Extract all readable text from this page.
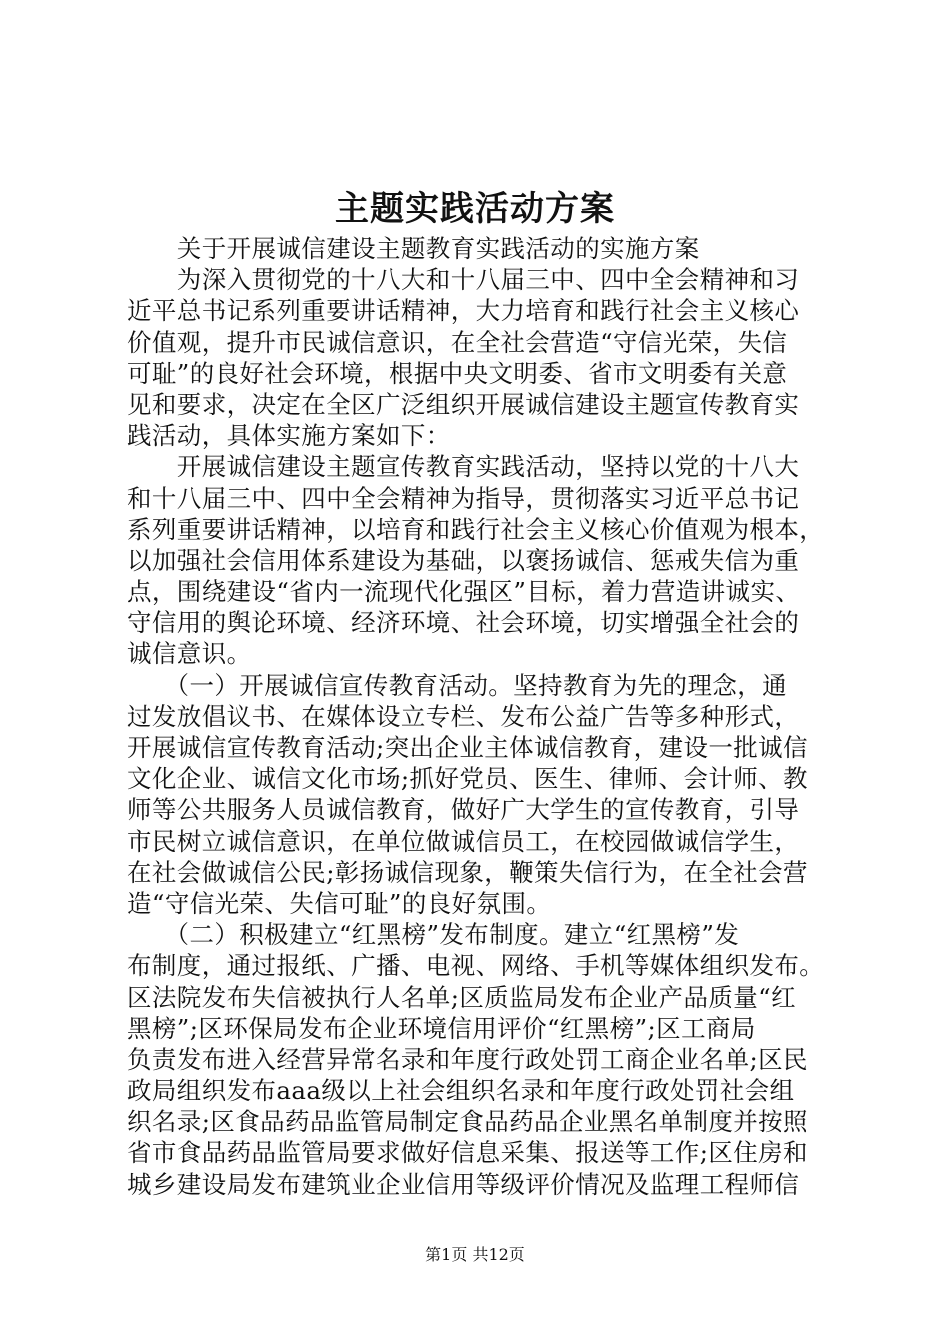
主题实践活动方案
　　关于开展诚信建设主题教育实践活动的实施方案
　　为深入贯彻党的十八大和十八届三中、四中全会精神和习
近平总书记系列重要讲话精神，大力培育和践行社会主义核心
价值观，提升市民诚信意识，在全社会营造“守信光荣，失信
可耻”的良好社会环境，根据中央文明委、省市文明委有关意
见和要求，决定在全区广泛组织开展诚信建设主题宣传教育实
践活动，具体实施方案如下：
　　开展诚信建设主题宣传教育实践活动，坚持以党的十八大
和十八届三中、四中全会精神为指导，贯彻落实习近平总书记
系列重要讲话精神，以培育和践行社会主义核心价值观为根本，
以加强社会信用体系建设为基础，以褒扬诚信、惩戒失信为重
点，围绕建设“省内一流现代化强区”目标，着力营造讲诚实、
守信用的舆论环境、经济环境、社会环境，切实增强全社会的
诚信意识。
　　（一）开展诚信宣传教育活动。坚持教育为先的理念，通
过发放倡议书、在媒体设立专栏、发布公益广告等多种形式，
开展诚信宣传教育活动;突出企业主体诚信教育，建设一批诚信
文化企业、诚信文化市场;抓好党员、医生、律师、会计师、教
师等公共服务人员诚信教育，做好广大学生的宣传教育，引导
市民树立诚信意识，在单位做诚信员工，在校园做诚信学生，
在社会做诚信公民;彰扬诚信现象，鞭策失信行为，在全社会营
造“守信光荣、失信可耻”的良好氛围。
　　（二）积极建立“红黑榜”发布制度。建立“红黑榜”发
布制度，通过报纸、广播、电视、网络、手机等媒体组织发布。
区法院发布失信被执行人名单;区质监局发布企业产品质量“红
黑榜”;区环保局发布企业环境信用评价“红黑榜”;区工商局
负责发布进入经营异常名录和年度行政处罚工商企业名单;区民
政局组织发布aaa级以上社会组织名录和年度行政处罚社会组
织名录;区食品药品监管局制定食品药品企业黑名单制度并按照
省市食品药品监管局要求做好信息采集、报送等工作;区住房和
城乡建设局发布建筑业企业信用等级评价情况及监理工程师信
第1页 共12页
